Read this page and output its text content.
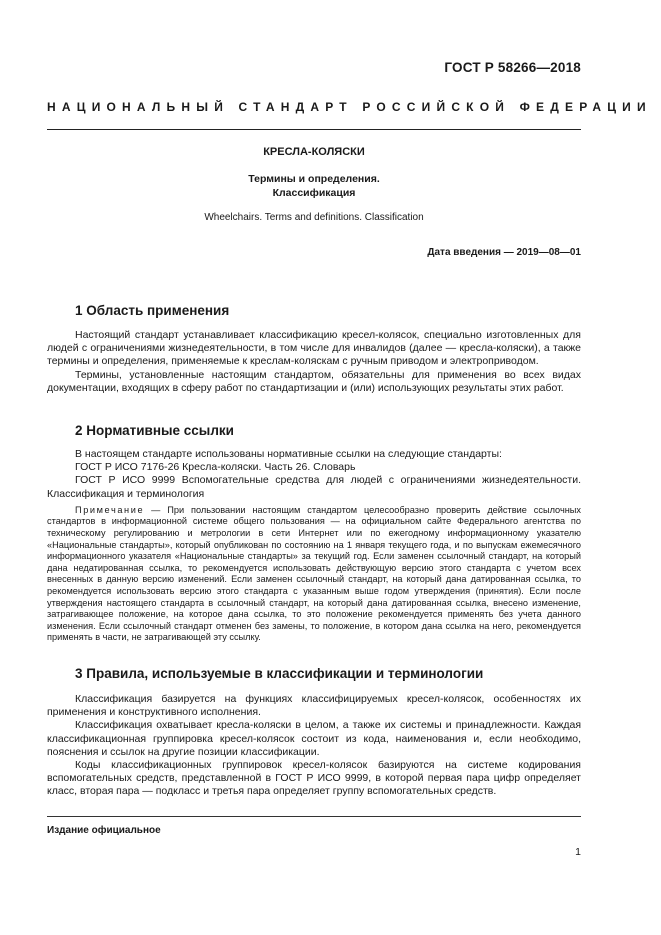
ГОСТ Р 58266—2018
НАЦИОНАЛЬНЫЙ СТАНДАРТ РОССИЙСКОЙ ФЕДЕРАЦИИ
КРЕСЛА-КОЛЯСКИ
Термины и определения.
Классификация
Wheelchairs. Terms and definitions. Classification
Дата введения — 2019—08—01
1 Область применения

Настоящий стандарт устанавливает классификацию кресел-колясок, специально изготовленных для людей с ограничениями жизнедеятельности, в том числе для инвалидов (далее — кресла-коляски), а также термины и определения, применяемые к креслам-коляскам с ручным приводом и электроприводом.

Термины, установленные настоящим стандартом, обязательны для применения во всех видах документации, входящих в сферу работ по стандартизации и (или) использующих результаты этих работ.

2 Нормативные ссылки

В настоящем стандарте использованы нормативные ссылки на следующие стандарты:

ГОСТ Р ИСО 7176-26 Кресла-коляски. Часть 26. Словарь

ГОСТ Р ИСО 9999 Вспомогательные средства для людей с ограничениями жизнедеятельности. Классификация и терминология

Примечание — При пользовании настоящим стандартом целесообразно проверить действие ссылочных стандартов в информационной системе общего пользования — на официальном сайте Федерального агентства по техническому регулированию и метрологии в сети Интернет или по ежегодному информационному указателю «Национальные стандарты», который опубликован по состоянию на 1 января текущего года, и по выпускам ежемесячного информационного указателя «Национальные стандарты» за текущий год. Если заменен ссылочный стандарт, на который дана недатированная ссылка, то рекомендуется использовать действующую версию этого стандарта с учетом всех внесенных в данную версию изменений. Если заменен ссылочный стандарт, на который дана датированная ссылка, то рекомендуется использовать версию этого стандарта с указанным выше годом утверждения (принятия). Если после утверждения настоящего стандарта в ссылочный стандарт, на который дана датированная ссылка, внесено изменение, затрагивающее положение, на которое дана ссылка, то это положение рекомендуется применять без учета данного изменения. Если ссылочный стандарт отменен без замены, то положение, в котором дана ссылка на него, рекомендуется применять в части, не затрагивающей эту ссылку.

3 Правила, используемые в классификации и терминологии

Классификация базируется на функциях классифицируемых кресел-колясок, особенностях их применения и конструктивного исполнения.

Классификация охватывает кресла-коляски в целом, а также их системы и принадлежности. Каждая классификационная группировка кресел-колясок состоит из кода, наименования и, если необходимо, пояснения и ссылок на другие позиции классификации.

Коды классификационных группировок кресел-колясок базируются на системе кодирования вспомогательных средств, представленной в ГОСТ Р ИСО 9999, в которой первая пара цифр определяет класс, вторая пара — подкласс и третья пара определяет группу вспомогательных средств.

Издание официальное
1
